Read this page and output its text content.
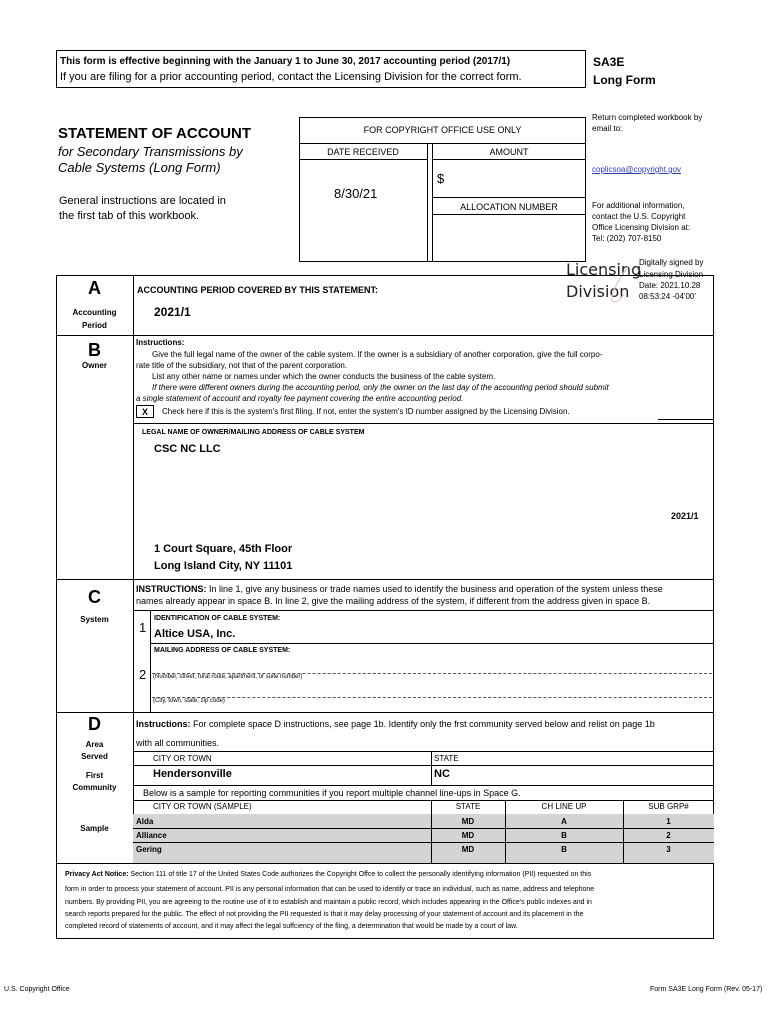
This form is effective beginning with the January 1 to June 30, 2017 accounting period (2017/1)
If you are filing for a prior accounting period, contact the Licensing Division for the correct form.
SA3E
Long Form
STATEMENT OF ACCOUNT
for Secondary Transmissions by
Cable Systems (Long Form)
General instructions are located in
the first tab of this workbook.
FOR COPYRIGHT OFFICE USE ONLY
DATE RECEIVED	AMOUNT
8/30/21
$
ALLOCATION NUMBER
Return completed workbook by
email to:
coplicsoa@copyright.gov
For additional information,
contact the U.S. Copyright
Office Licensing Division at:
Tel: (202) 707-8150
Licensing
Division
Digitally signed by
Licensing Division
Date: 2021.10.28
08:53:24 -04'00'
A
Accounting
Period
ACCOUNTING PERIOD COVERED BY THIS STATEMENT:
2021/1
B
Owner
Instructions:
Give the full legal name of the owner of the cable system. If the owner is a subsidiary of another corporation, give the full corpo-
rate title of the subsidiary, not that of the parent corporation.
List any other name or names under which the owner conducts the business of the cable system.
If there were different owners during the accounting period, only the owner on the last day of the accounting period should submit
a single statement of account and royalty fee payment covering the entire accounting period.
X	Check here if this is the system's first filing. If not, enter the system's ID number assigned by the Licensing Division.
LEGAL NAME OF OWNER/MAILING ADDRESS OF CABLE SYSTEM
CSC NC LLC
2021/1
1 Court Square, 45th Floor
Long Island City, NY 11101
C
System
INSTRUCTIONS: In line 1, give any business or trade names used to identify the business and operation of the system unless these
names already appear in space B. In line 2, give the mailing address of the system, if different from the address given in space B.
1
IDENTIFICATION OF CABLE SYSTEM:
Altice USA, Inc.
MAILING ADDRESS OF CABLE SYSTEM:
2 (Number, street, rural route, apartment, or suite number)
(City, town, state, zip code)
D
Area
Served
First
Community
Sample
Instructions: For complete space D instructions, see page 1b. Identify only the frst community served below and relist on page 1b
with all communities.
CITY OR TOWN	STATE
Hendersonville	NC
Below is a sample for reporting communities if you report multiple channel line-ups in Space G.
CITY OR TOWN (SAMPLE)	STATE	CH LINE UP	SUB GRP#
Alda	MD	A	1
Alliance	MD	B	2
Gering	MD	B	3
Privacy Act Notice: Section 111 of title 17 of the United States Code authorizes the Copyright Offce to collect the personally identifying information (PII) requested on this
form in order to process your statement of account. PII is any personal information that can be used to identify or trace an individual, such as name, address and telephone
numbers. By providing PII, you are agreeing to the routine use of it to establish and maintain a public record, which includes appearing in the Office's public indexes and in
search reports prepared for the public. The effect of not providing the PII requested is that it may delay processing of your statement of account and its placement in the
completed record of statements of account, and it may affect the legal suffciency of the fling, a determination that would be made by a court of law.
U.S. Copyright Office	Form SA3E Long Form (Rev. 05-17)
